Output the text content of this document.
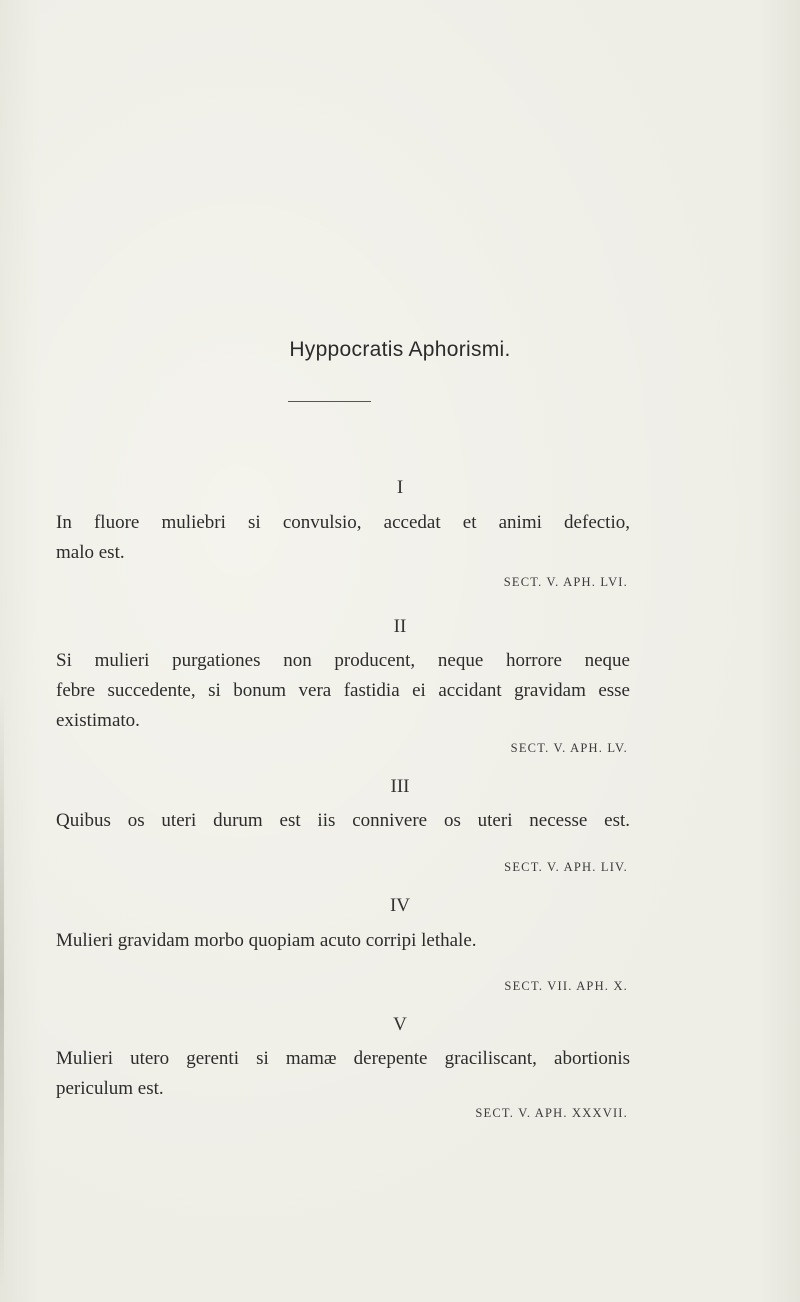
Hyppocratis Aphorismi.
I
In fluore muliebri si convulsio, accedat et animi defectio,
malo est.
SECT. V. APH. LVI.
II
Si mulieri purgationes non producent, neque horrore neque
febre succedente, si bonum vera fastidia ei accidant gravidam esse
existimato.
SECT. V. APH. LV.
III
Quibus os uteri durum est iis connivere os uteri necesse est.
SECT. V. APH. LIV.
IV
Mulieri gravidam morbo quopiam acuto corripi lethale.
SECT. VII. APH. X.
V
Mulieri utero gerenti si mamæ derepente graciliscant, abortionis
periculum est.
SECT. V. APH. XXXVII.
